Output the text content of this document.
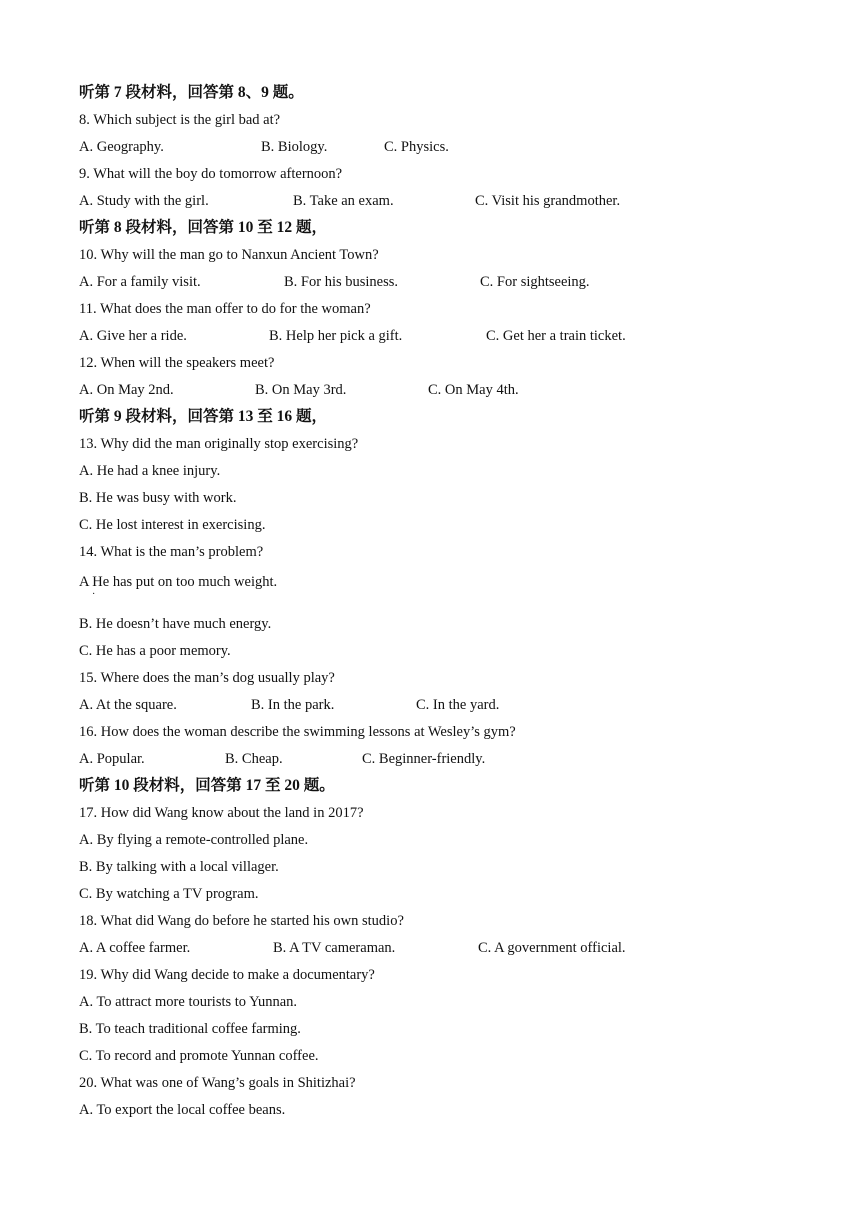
听第 7 段材料，回答第 8、9 题。
8. Which subject is the girl bad at?
A. Geography.	B. Biology.	C. Physics.
9. What will the boy do tomorrow afternoon?
A. Study with the girl.	B. Take an exam.	C. Visit his grandmother.
听第 8 段材料，回答第 10 至 12 题，
10. Why will the man go to Nanxun Ancient Town?
A. For a family visit.	B. For his business.	C. For sightseeing.
11. What does the man offer to do for the woman?
A. Give her a ride.	B. Help her pick a gift.	C. Get her a train ticket.
12. When will the speakers meet?
A. On May 2nd.	B. On May 3rd.	C. On May 4th.
听第 9 段材料，回答第 13 至 16 题，
13. Why did the man originally stop exercising?
A. He had a knee injury.
B. He was busy with work.
C. He lost interest in exercising.
14. What is the man’s problem?
A He has put on too much weight.
·
B. He doesn’t have much energy.
C. He has a poor memory.
15. Where does the man’s dog usually play?
A. At the square.	B. In the park.	C. In the yard.
16. How does the woman describe the swimming lessons at Wesley’s gym?
A. Popular.	B. Cheap.	C. Beginner-friendly.
听第 10 段材料，回答第 17 至 20 题。
17. How did Wang know about the land in 2017?
A. By flying a remote-controlled plane.
B. By talking with a local villager.
C. By watching a TV program.
18. What did Wang do before he started his own studio?
A. A coffee farmer.	B. A TV cameraman.	C. A government official.
19. Why did Wang decide to make a documentary?
A. To attract more tourists to Yunnan.
B. To teach traditional coffee farming.
C. To record and promote Yunnan coffee.
20. What was one of Wang’s goals in Shitizhai?
A. To export the local coffee beans.
